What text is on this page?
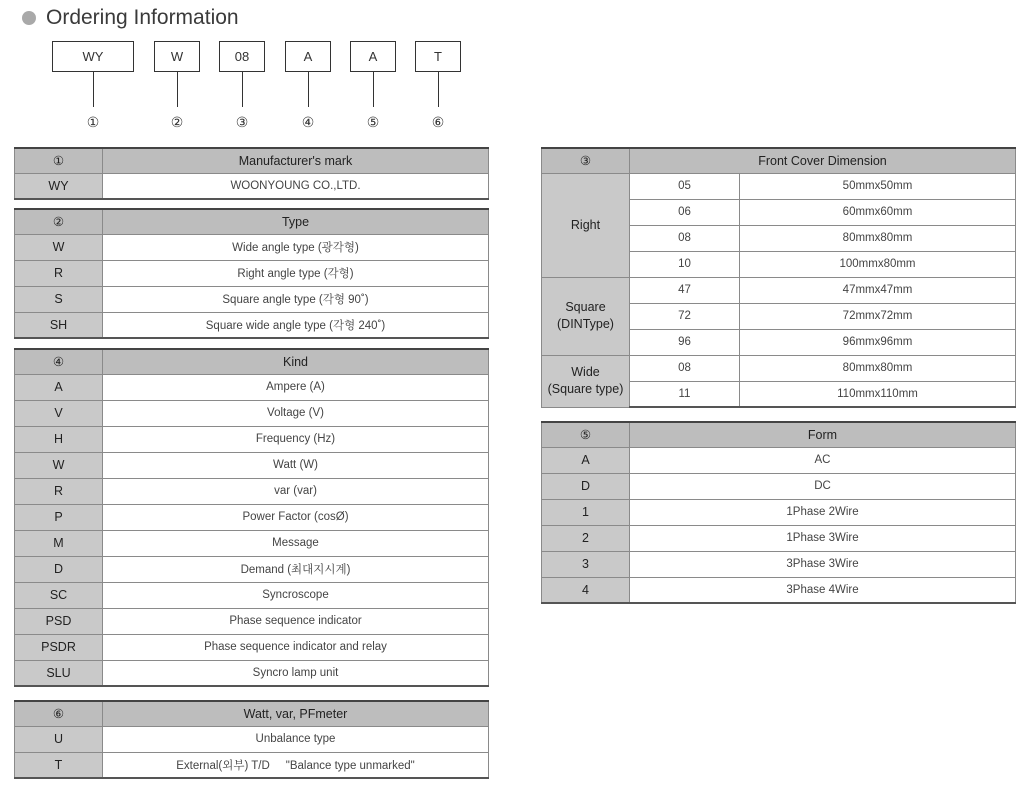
Ordering Information
WY	W	08	A	A	T
①	②	③	④	⑤	⑥
①	Manufacturer's mark
WY	WOONYOUNG CO.,LTD.
②	Type
W	Wide angle type (광각형)
R	Right angle type (각형)
S	Square angle type (각형 90˚)
SH	Square wide angle type (각형 240˚)
④	Kind
A	Ampere (A)
V	Voltage (V)
H	Frequency (Hz)
W	Watt (W)
R	var (var)
P	Power Factor (cosØ)
M	Message
D	Demand (최대지시계)
SC	Syncroscope
PSD	Phase sequence indicator
PSDR	Phase sequence indicator and relay
SLU	Syncro lamp unit
⑥	Watt, var, PFmeter
U	Unbalance type
T	External(외부) T/D     "Balance type unmarked"
③	Front Cover Dimension	
Right	05	50mmx50mm
	06	60mmx60mm
	08	80mmx80mm
	10	100mmx80mm
Square
(DINType)	47	47mmx47mm
	72	72mmx72mm
	96	96mmx96mm
Wide
(Square type)	08	80mmx80mm
	11	110mmx110mm
⑤	Form
A	AC
D	DC
1	1Phase 2Wire
2	1Phase 3Wire
3	3Phase 3Wire
4	3Phase 4Wire
